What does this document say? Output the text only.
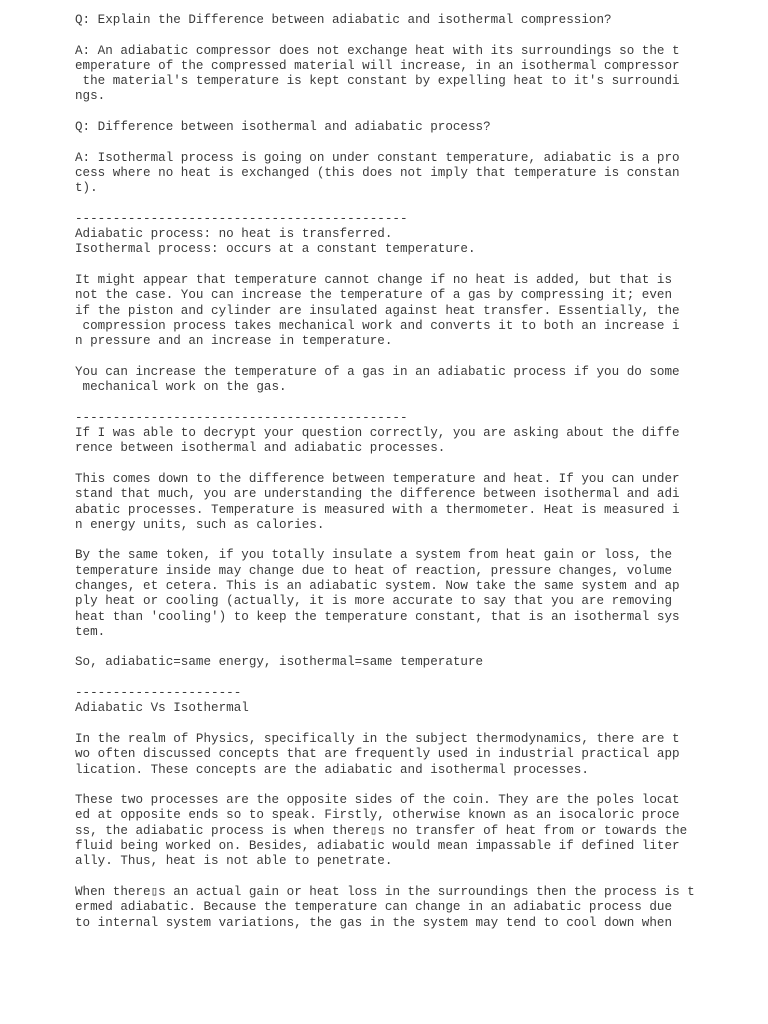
Q: Explain the Difference between adiabatic and isothermal compression?
A: An adiabatic compressor does not exchange heat with its surroundings so the t
emperature of the compressed material will increase, in an isothermal compressor
the material's temperature is kept constant by expelling heat to it's surroundi
ngs.
Q: Difference between isothermal and adiabatic process?
A: Isothermal process is going on under constant temperature, adiabatic is a pro
cess where no heat is exchanged (this does not imply that temperature is constan
t).
--------------------------------------------
Adiabatic process: no heat is transferred.
Isothermal process: occurs at a constant temperature.
It might appear that temperature cannot change if no heat is added, but that is
not the case. You can increase the temperature of a gas by compressing it; even
if the piston and cylinder are insulated against heat transfer. Essentially, the
compression process takes mechanical work and converts it to both an increase i
n pressure and an increase in temperature.
You can increase the temperature of a gas in an adiabatic process if you do some
mechanical work on the gas.
--------------------------------------------
If I was able to decrypt your question correctly, you are asking about the diffe
rence between isothermal and adiabatic processes.
This comes down to the difference between temperature and heat. If you can under
stand that much, you are understanding the difference between isothermal and adi
abatic processes. Temperature is measured with a thermometer. Heat is measured i
n energy units, such as calories.
By the same token, if you totally insulate a system from heat gain or loss, the
temperature inside may change due to heat of reaction, pressure changes, volume
changes, et cetera. This is an adiabatic system. Now take the same system and ap
ply heat or cooling (actually, it is more accurate to say that you are removing
heat than 'cooling') to keep the temperature constant, that is an isothermal sys
tem.
So, adiabatic=same energy, isothermal=same temperature
----------------------
Adiabatic Vs Isothermal
In the realm of Physics, specifically in the subject thermodynamics, there are t
wo often discussed concepts that are frequently used in industrial practical app
lication. These concepts are the adiabatic and isothermal processes.
These two processes are the opposite sides of the coin. They are the poles locat
ed at opposite ends so to speak. Firstly, otherwise known as an isocaloric proce
ss, the adiabatic process is when there▯s no transfer of heat from or towards the
fluid being worked on. Besides, adiabatic would mean impassable if defined liter
ally. Thus, heat is not able to penetrate.
When there▯s an actual gain or heat loss in the surroundings then the process is t
ermed adiabatic. Because the temperature can change in an adiabatic process due
to internal system variations, the gas in the system may tend to cool down when
